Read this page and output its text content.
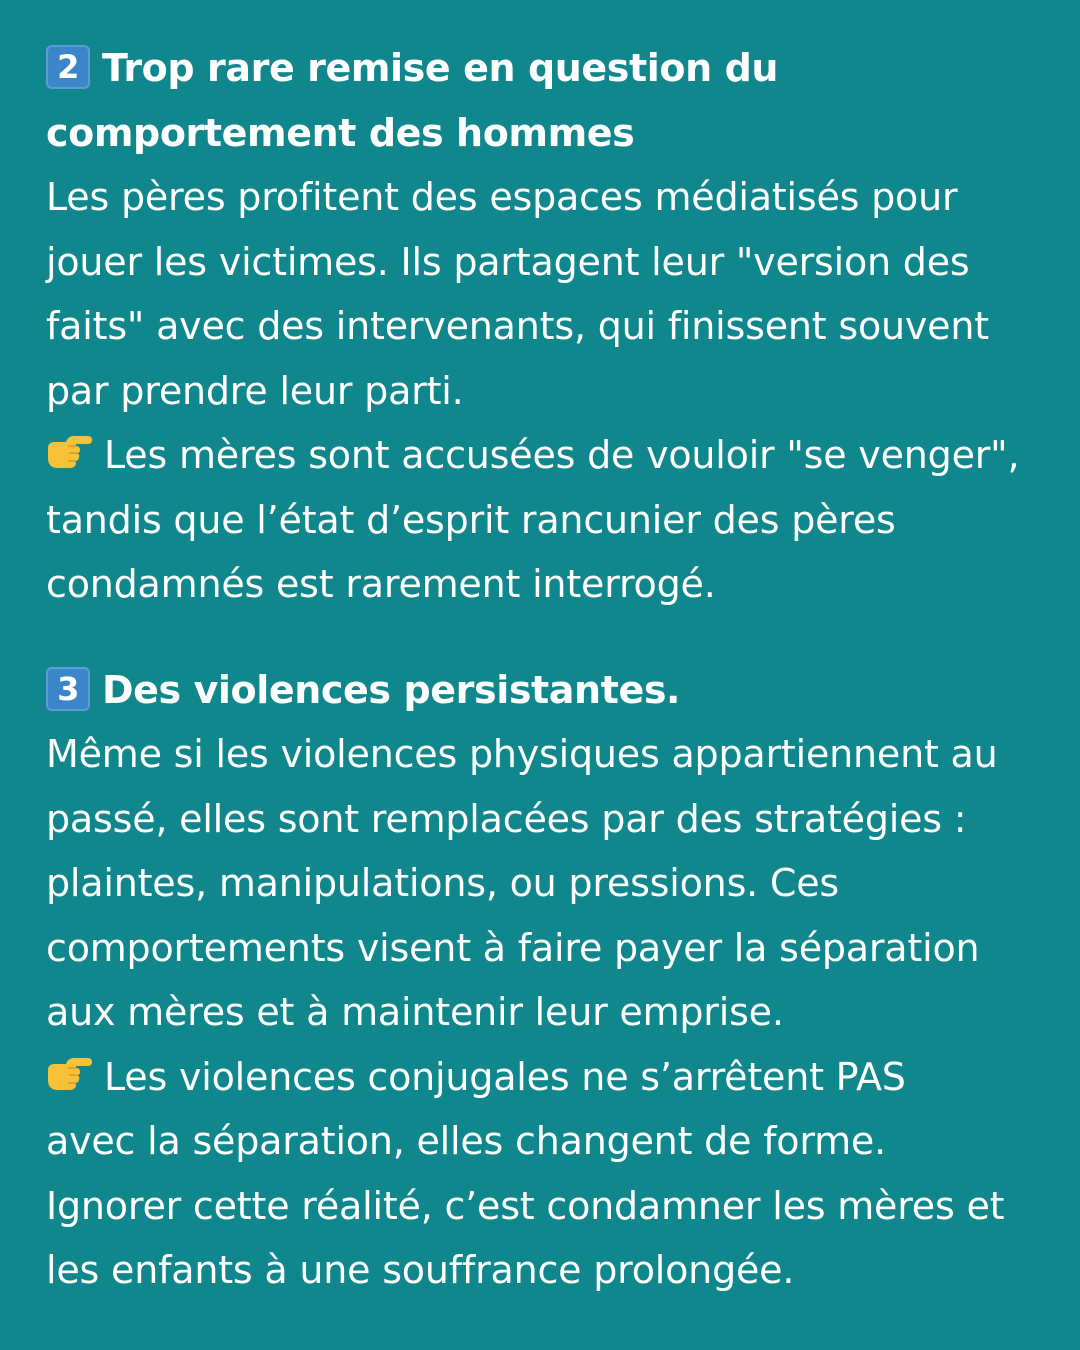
2 Trop rare remise en question du
comportement des hommes
Les pères profitent des espaces médiatisés pour
jouer les victimes. Ils partagent leur "version des
faits" avec des intervenants, qui finissent souvent
par prendre leur parti.
Les mères sont accusées de vouloir "se venger",
tandis que l’état d’esprit rancunier des pères
condamnés est rarement interrogé.
3 Des violences persistantes.
Même si les violences physiques appartiennent au
passé, elles sont remplacées par des stratégies :
plaintes, manipulations, ou pressions. Ces
comportements visent à faire payer la séparation
aux mères et à maintenir leur emprise.
Les violences conjugales ne s’arrêtent PAS
avec la séparation, elles changent de forme.
Ignorer cette réalité, c’est condamner les mères et
les enfants à une souffrance prolongée.
